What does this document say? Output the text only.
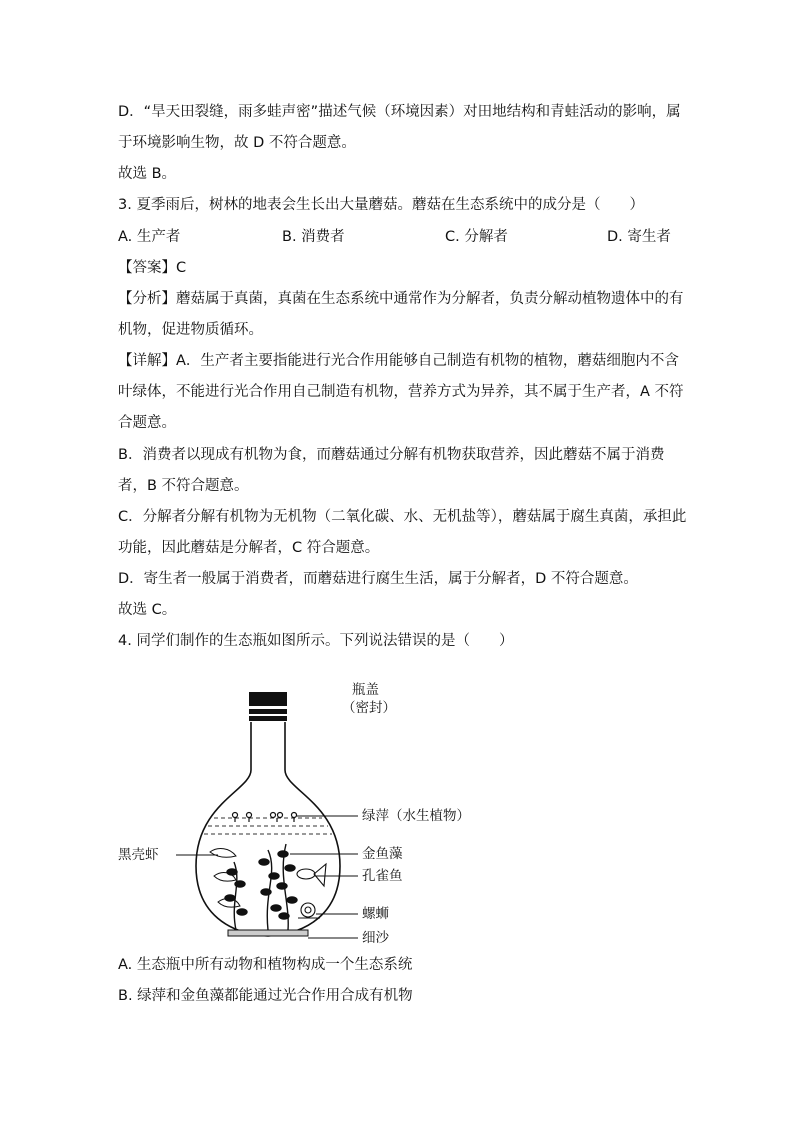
D．“旱天田裂缝，雨多蛙声密”描述气候（环境因素）对田地结构和青蛙活动的影响，属
于环境影响生物，故 D 不符合题意。
故选 B。
3. 夏季雨后，树林的地表会生长出大量蘑菇。蘑菇在生态系统中的成分是（　　）
A. 生产者	B. 消费者	C. 分解者	D. 寄生者
【答案】C
【分析】蘑菇属于真菌，真菌在生态系统中通常作为分解者，负责分解动植物遗体中的有
机物，促进物质循环。
【详解】A．生产者主要指能进行光合作用能够自己制造有机物的植物，蘑菇细胞内不含
叶绿体，不能进行光合作用自己制造有机物，营养方式为异养，其不属于生产者，A 不符
合题意。
B．消费者以现成有机物为食，而蘑菇通过分解有机物获取营养，因此蘑菇不属于消费
者，B 不符合题意。
C．分解者分解有机物为无机物（二氧化碳、水、无机盐等），蘑菇属于腐生真菌，承担此
功能，因此蘑菇是分解者，C 符合题意。
D．寄生者一般属于消费者，而蘑菇进行腐生生活，属于分解者，D 不符合题意。
故选 C。
4. 同学们制作的生态瓶如图所示。下列说法错误的是（　　）
瓶盖
（密封）
绿萍（水生植物）
黑壳虾	金鱼藻
孔雀鱼
螺蛳
细沙
A. 生态瓶中所有动物和植物构成一个生态系统
B. 绿萍和金鱼藻都能通过光合作用合成有机物
